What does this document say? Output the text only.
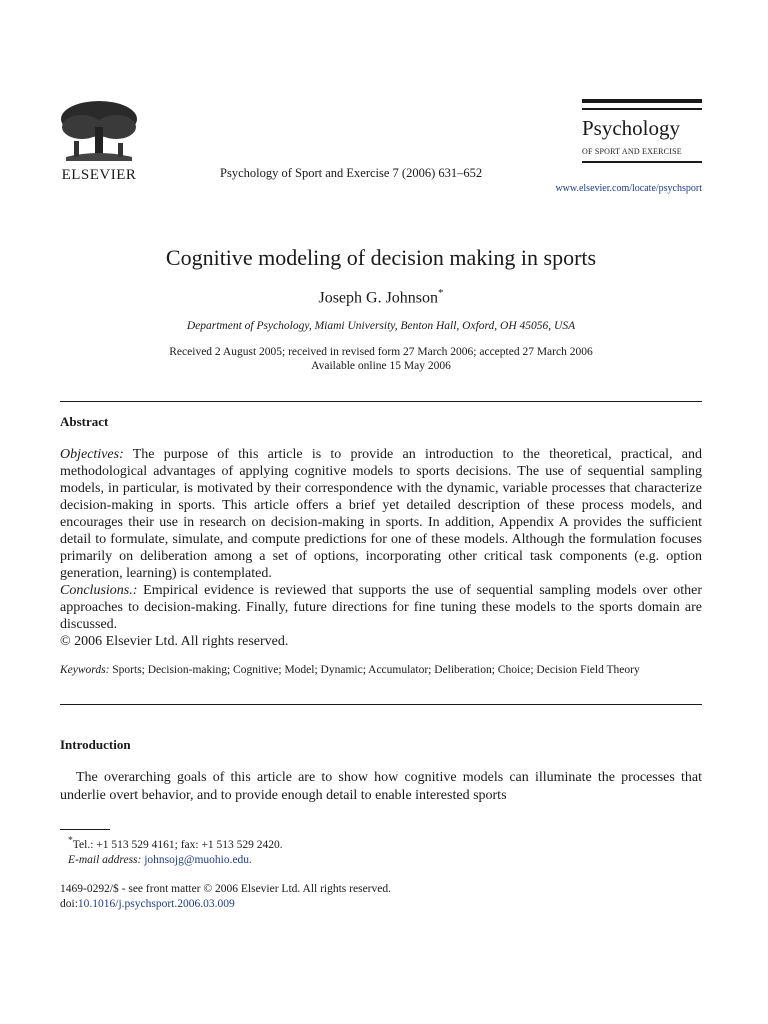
ELSEVIER	Psychology of Sport and Exercise 7 (2006) 631–652
Psychology
OF SPORT AND EXERCISE
www.elsevier.com/locate/psychsport
Cognitive modeling of decision making in sports
Joseph G. Johnson*
Department of Psychology, Miami University, Benton Hall, Oxford, OH 45056, USA
Received 2 August 2005; received in revised form 27 March 2006; accepted 27 March 2006
Available online 15 May 2006
Abstract

Objectives: The purpose of this article is to provide an introduction to the theoretical, practical, and methodological advantages of applying cognitive models to sports decisions. The use of sequential sampling models, in particular, is motivated by their correspondence with the dynamic, variable processes that characterize decision-making in sports. This article offers a brief yet detailed description of these process models, and encourages their use in research on decision-making in sports. In addition, Appendix A provides the sufficient detail to formulate, simulate, and compute predictions for one of these models. Although the formulation focuses primarily on deliberation among a set of options, incorporating other critical task components (e.g. option generation, learning) is contemplated.

Conclusions.: Empirical evidence is reviewed that supports the use of sequential sampling models over other approaches to decision-making. Finally, future directions for fine tuning these models to the sports domain are discussed.

© 2006 Elsevier Ltd. All rights reserved.

Keywords: Sports; Decision-making; Cognitive; Model; Dynamic; Accumulator; Deliberation; Choice; Decision Field Theory
Introduction
The overarching goals of this article are to show how cognitive models can illuminate the processes that underlie overt behavior, and to provide enough detail to enable interested sports
*Tel.: +1 513 529 4161; fax: +1 513 529 2420.
E-mail address: johnsojg@muohio.edu.
1469-0292/$ - see front matter © 2006 Elsevier Ltd. All rights reserved.
doi:10.1016/j.psychsport.2006.03.009
